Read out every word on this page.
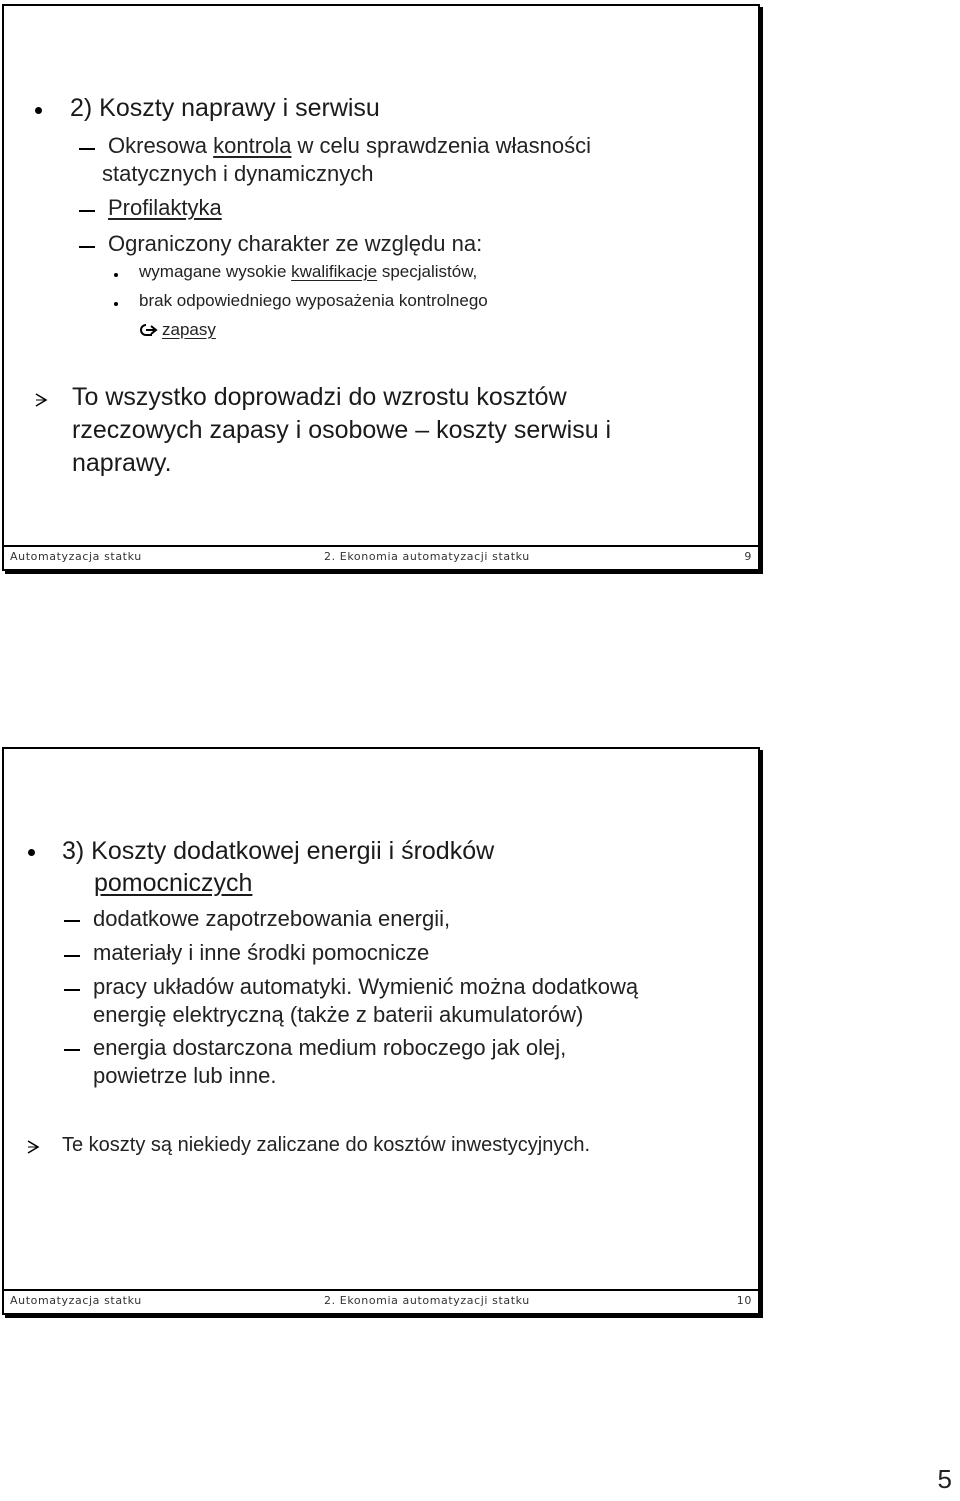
2) Koszty naprawy i serwisu
Okresowa kontrola w celu sprawdzenia własności
statycznych i dynamicznych
Profilaktyka
Ograniczony charakter ze względu na:
wymagane wysokie kwalifikacje specjalistów,
brak odpowiedniego wyposażenia kontrolnego
zapasy
To wszystko doprowadzi do wzrostu kosztów
rzeczowych zapasy i osobowe – koszty serwisu i
naprawy.
Automatyzacja statku	2. Ekonomia automatyzacji statku	9
3) Koszty dodatkowej energii i środków
pomocniczych
dodatkowe zapotrzebowania energii,
materiały i inne środki pomocnicze
pracy układów automatyki. Wymienić można dodatkową
energię elektryczną (także z baterii akumulatorów)
energia dostarczona medium roboczego jak olej,
powietrze lub inne.
Te koszty są niekiedy zaliczane do kosztów inwestycyjnych.
Automatyzacja statku	2. Ekonomia automatyzacji statku	10
5
